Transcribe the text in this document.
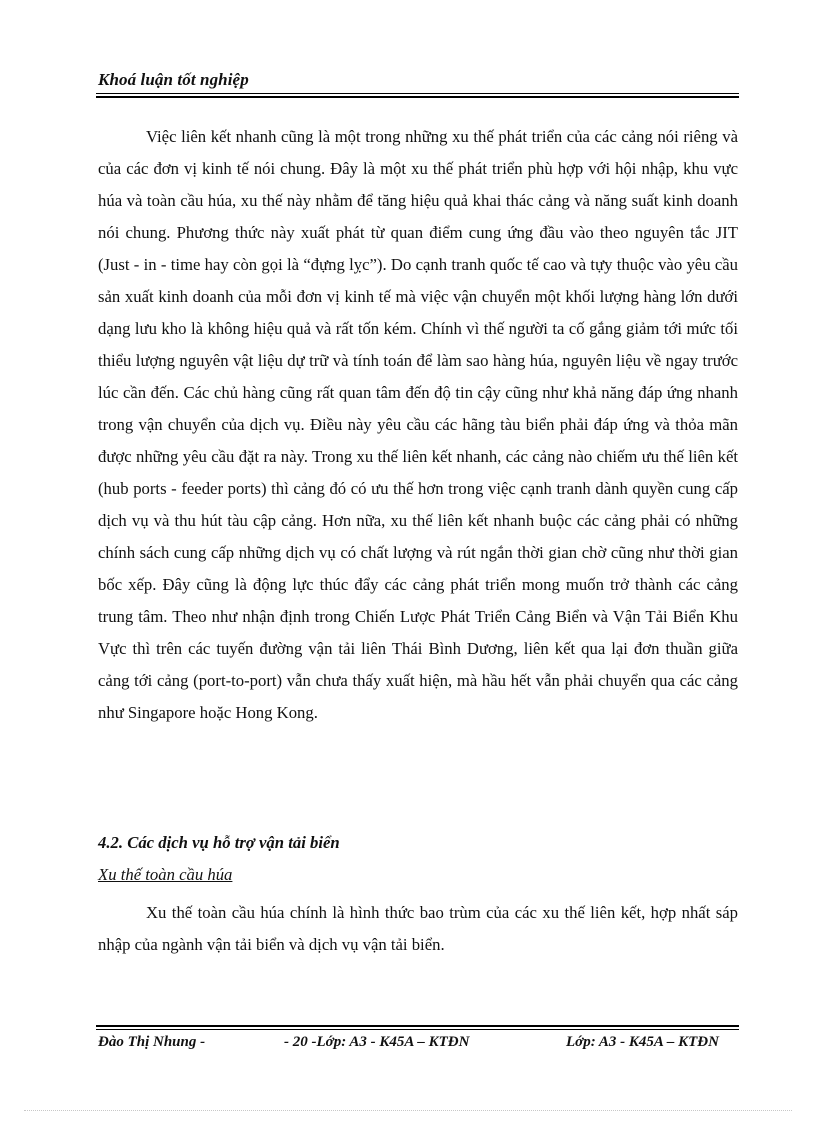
Khoá luận tốt nghiệp

Việc liên kết nhanh cũng là một trong những xu thế phát triển của các cảng nói riêng và của các đơn vị kinh tế nói chung. Đây là một xu thế phát triển phù hợp với hội nhập, khu vực húa và toàn cầu húa, xu thế này nhằm để tăng hiệu quả khai thác cảng và năng suất kinh doanh nói chung. Phương thức này xuất phát từ quan điểm cung ứng đầu vào theo nguyên tắc JIT (Just - in - time hay còn gọi là “đựng lỵc”). Do cạnh tranh quốc tế cao và tựy thuộc vào yêu cầu sản xuất kinh doanh của mỗi đơn vị kinh tế mà việc vận chuyển một khối lượng hàng lớn dưới dạng lưu kho là không hiệu quả và rất tốn kém. Chính vì thế người ta cố gắng giảm tới mức tối thiểu lượng nguyên vật liệu dự trữ và tính toán để làm sao hàng húa, nguyên liệu về ngay trước lúc cần đến. Các chủ hàng cũng rất quan tâm đến độ tin cậy cũng như khả năng đáp ứng nhanh trong vận chuyển của dịch vụ. Điều này yêu cầu các hãng tàu biển phải đáp ứng và thỏa mãn được những yêu cầu đặt ra này. Trong xu thế liên kết nhanh, các cảng nào chiếm ưu thế liên kết (hub ports - feeder ports) thì cảng đó có ưu thế hơn trong việc cạnh tranh dành quyền cung cấp dịch vụ và thu hút tàu cập cảng. Hơn nữa, xu thế liên kết nhanh buộc các cảng phải có những chính sách cung cấp những dịch vụ có chất lượng và rút ngắn thời gian chờ cũng như thời gian bốc xếp. Đây cũng là động lực thúc đẩy các cảng phát triển mong muốn trở thành các cảng trung tâm. Theo như nhận định trong Chiến Lược Phát Triển Cảng Biển và Vận Tải Biển Khu Vực thì trên các tuyến đường vận tải liên Thái Bình Dương, liên kết qua lại đơn thuần giữa cảng tới cảng (port-to-port) vẫn chưa thấy xuất hiện, mà hầu hết vẫn phải chuyển qua các cảng như Singapore hoặc Hong Kong.

4.2. Các dịch vụ hỗ trợ vận tải biển
Xu thế toàn cầu húa

Xu thế toàn cầu húa chính là hình thức bao trùm của các xu thế liên kết, hợp nhất sáp nhập của ngành vận tải biển và dịch vụ vận tải biển.

Đào Thị Nhung -	- 20 -Lớp: A3 - K45A – KTĐN	Lớp: A3 - K45A – KTĐN
